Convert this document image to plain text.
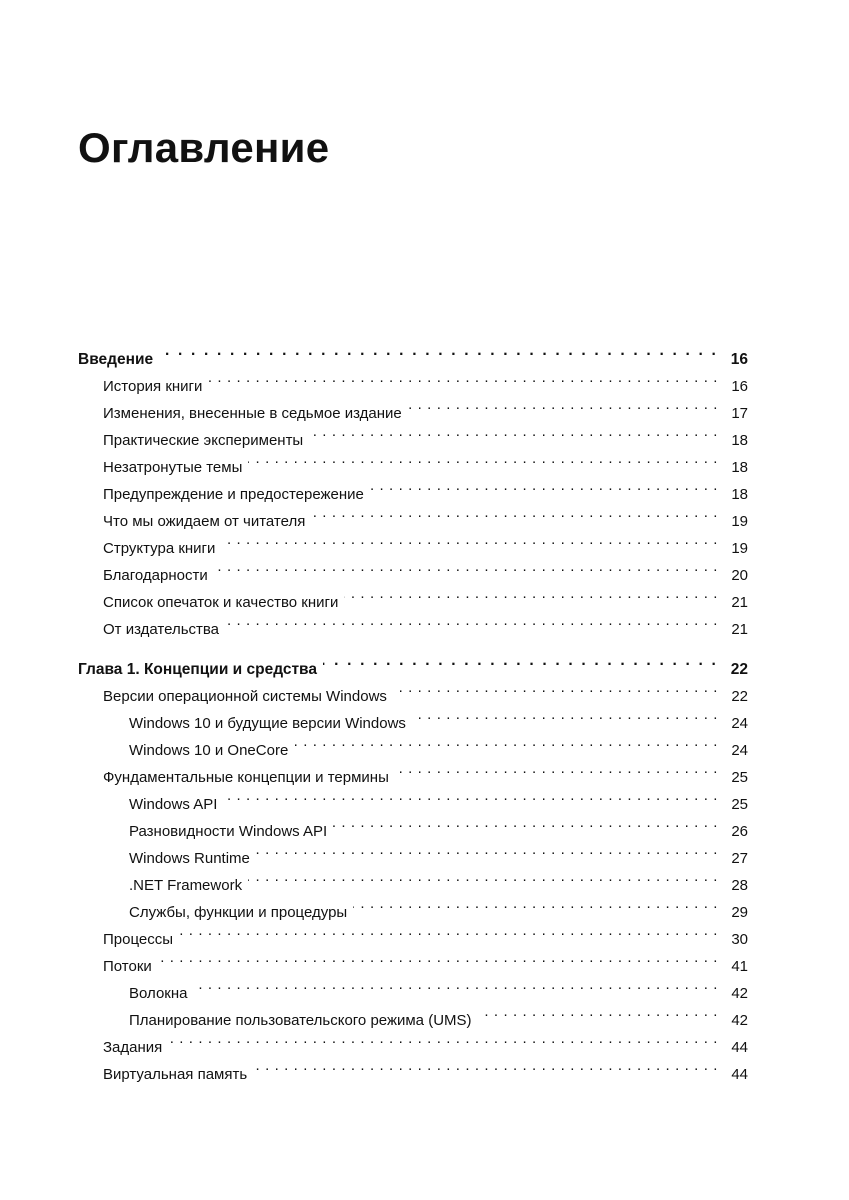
Оглавление
Введение . . .	16
История книги . . .	16
Изменения, внесенные в седьмое издание . . .	17
Практические эксперименты . . .	18
Незатронутые темы . . .	18
Предупреждение и предостережение . . .	18
Что мы ожидаем от читателя . . .	19
Структура книги . . .	19
Благодарности . . .	20
Список опечаток и качество книги . . .	21
От издательства . . .	21
Глава 1. Концепции и средства . . .	22
Версии операционной системы Windows . . .	22
Windows 10 и будущие версии Windows . . .	24
Windows 10 и OneCore . . .	24
Фундаментальные концепции и термины . . .	25
Windows API . . .	25
Разновидности Windows API . . .	26
Windows Runtime . . .	27
.NET Framework . . .	28
Службы, функции и процедуры . . .	29
Процессы . . .	30
Потоки . . .	41
Волокна . . .	42
Планирование пользовательского режима (UMS) . . .	42
Задания . . .	44
Виртуальная память . . .	44
